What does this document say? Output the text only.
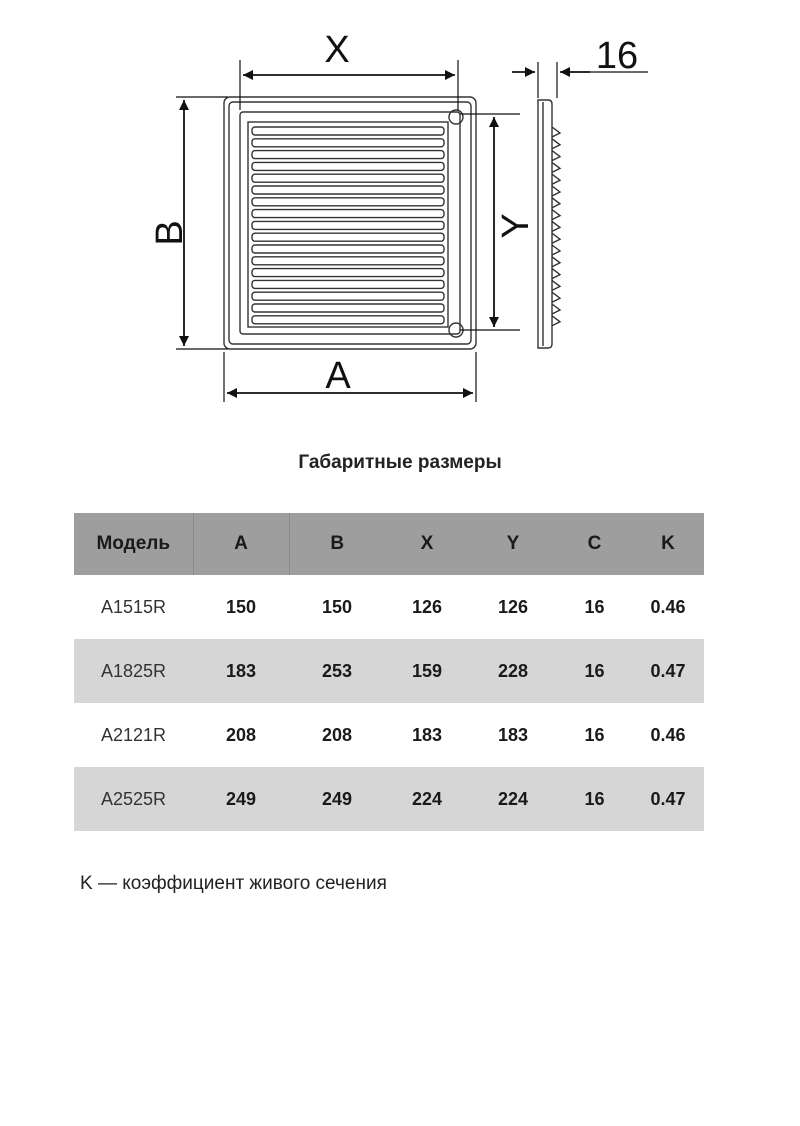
X
A
B	Y
16
Габаритные размеры
Модель	A	B	X	Y	C	K
A1515R	150	150	126	126	16	0.46
A1825R	183	253	159	228	16	0.47
A2121R	208	208	183	183	16	0.46
A2525R	249	249	224	224	16	0.47
K — коэффициент живого сечения
